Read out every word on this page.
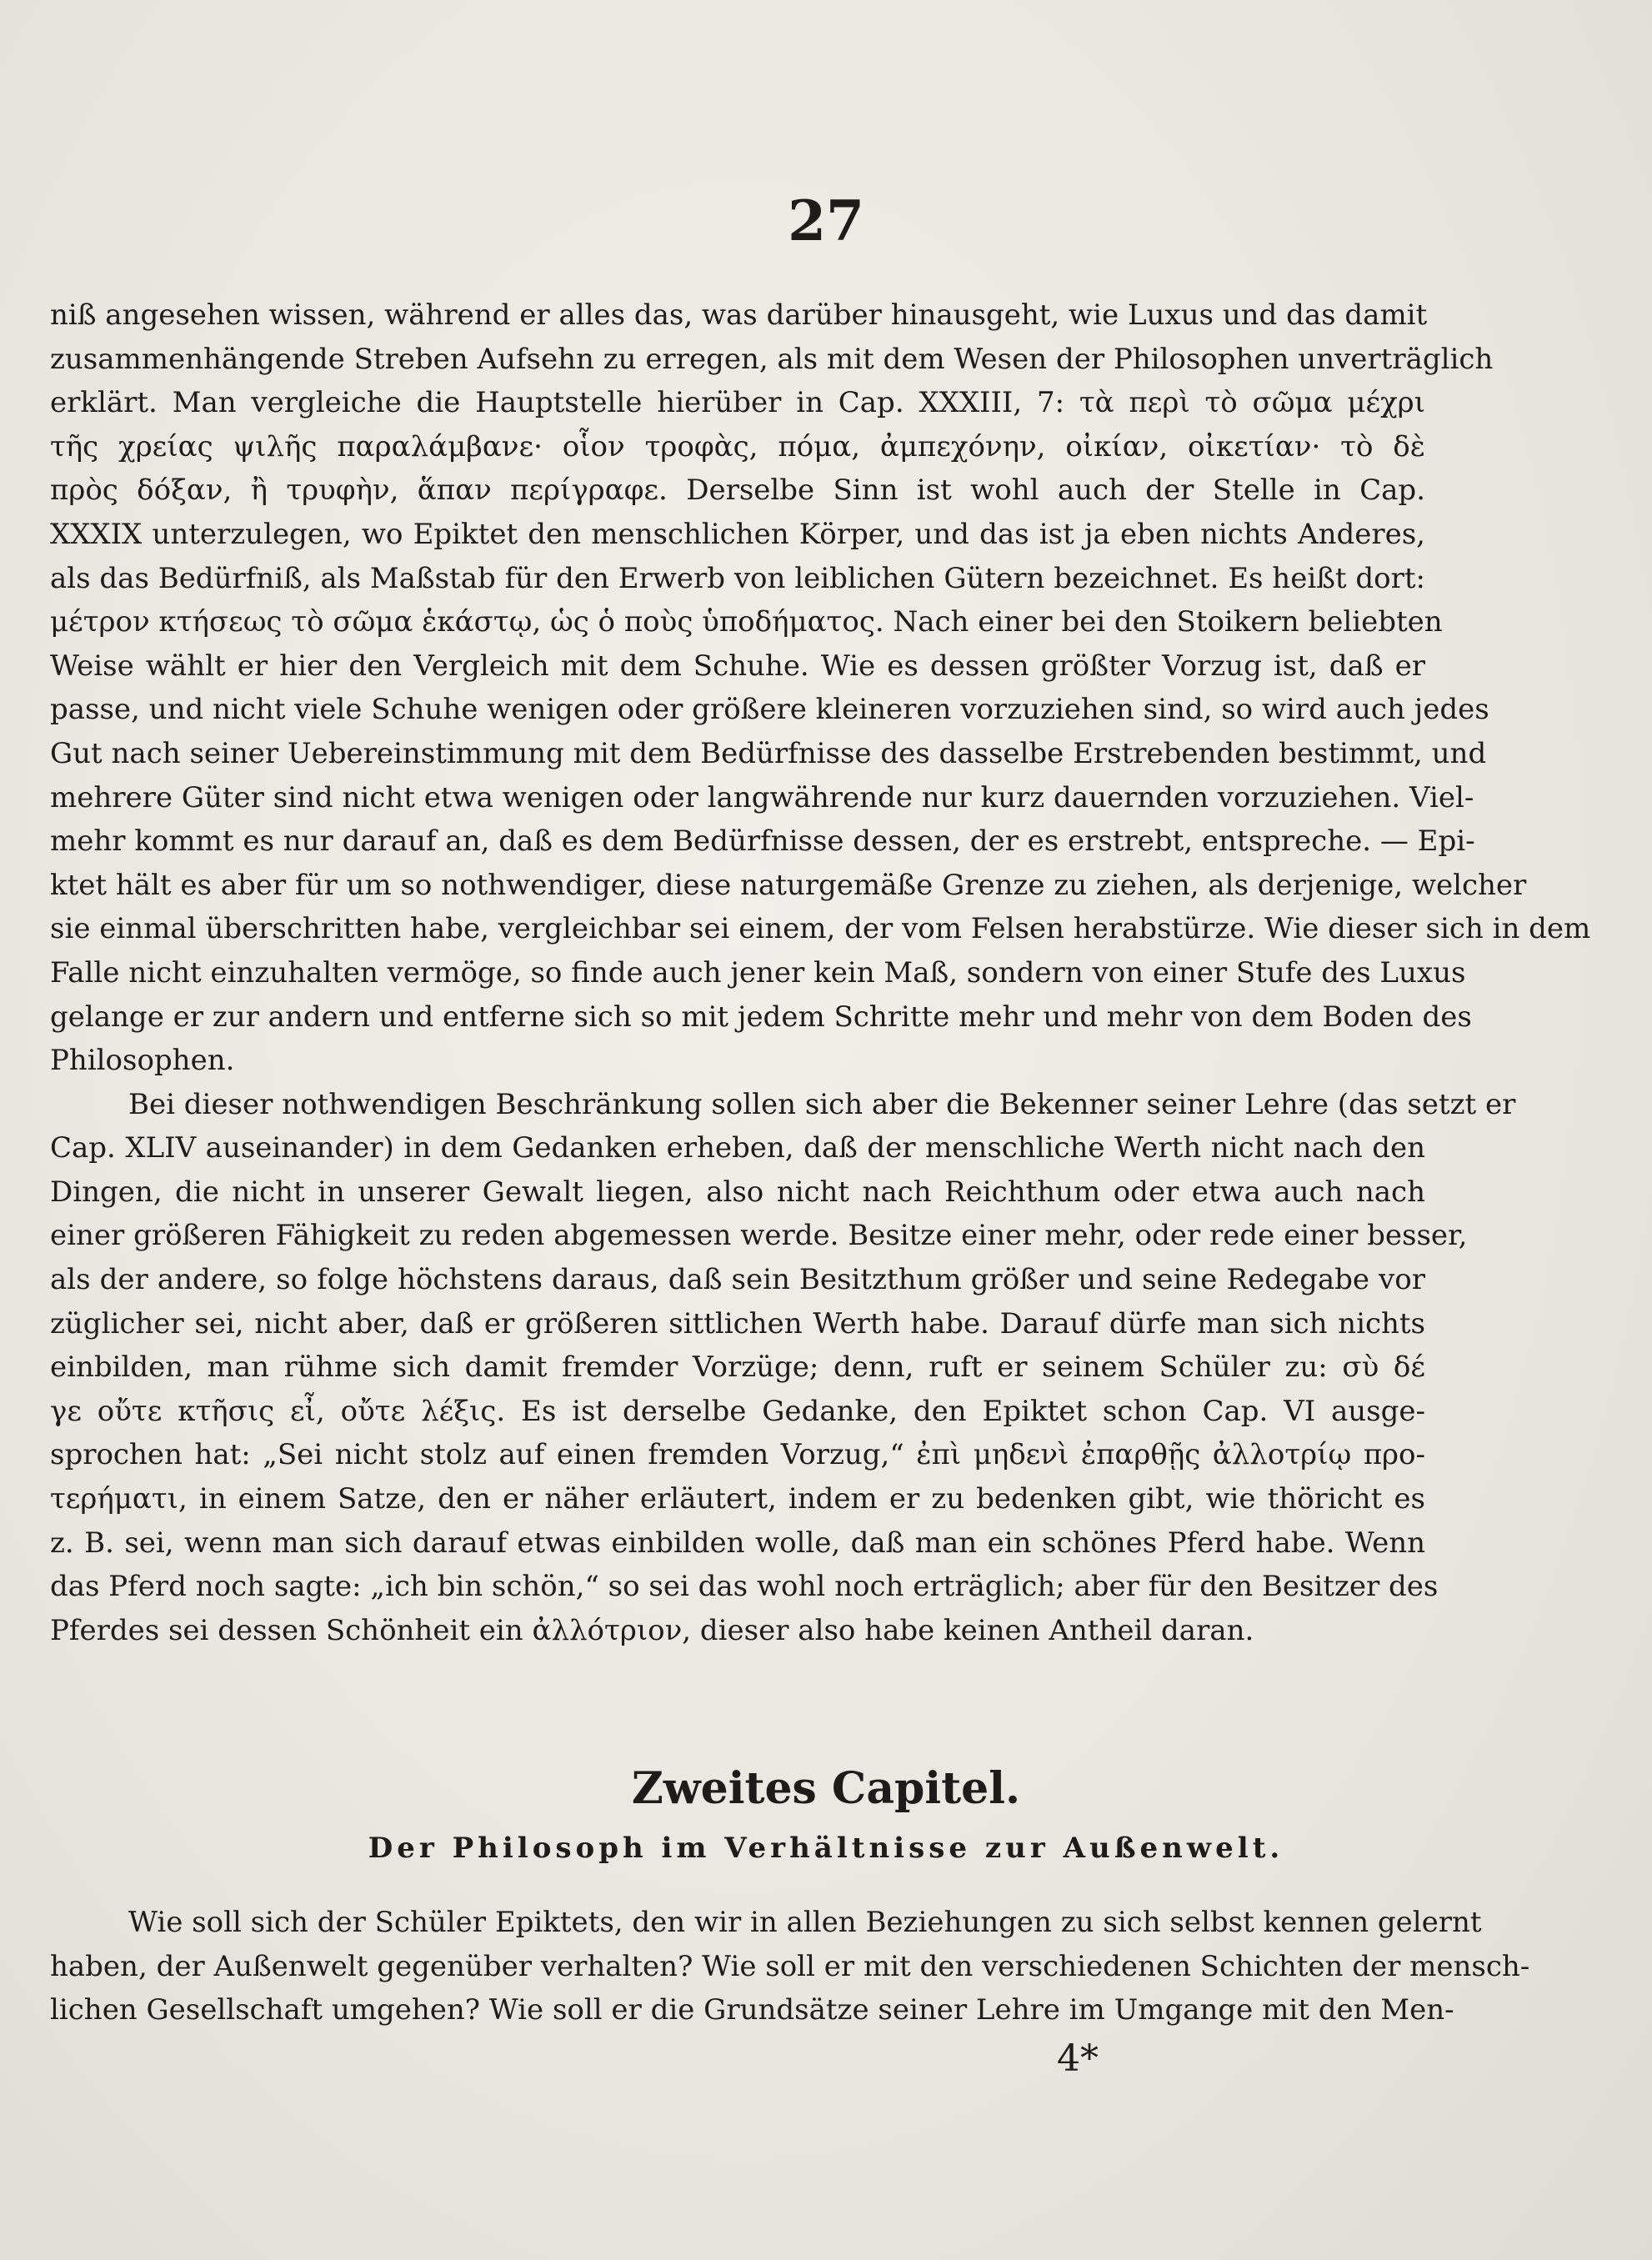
27
niß angesehen wissen, während er alles das, was darüber hinausgeht, wie Luxus und das damit
zusammenhängende Streben Aufsehn zu erregen, als mit dem Wesen der Philosophen unverträglich
erklärt. Man vergleiche die Hauptstelle hierüber in Cap. XXXIII, 7: τὰ περὶ τὸ σῶμα μέχρι
τῆς χρείας ψιλῆς παραλάμβανε· οἷον τροφὰς, πόμα, ἀμπεχόνην, οἰκίαν, οἰκετίαν· τὸ δὲ
πρὸς δόξαν, ἢ τρυφὴν, ἅπαν περίγραφε. Derselbe Sinn ist wohl auch der Stelle in Cap.
XXXIX unterzulegen, wo Epiktet den menschlichen Körper, und das ist ja eben nichts Anderes,
als das Bedürfniß, als Maßstab für den Erwerb von leiblichen Gütern bezeichnet. Es heißt dort:
μέτρον κτήσεως τὸ σῶμα ἑκάστῳ, ὡς ὁ ποὺς ὑποδήματος. Nach einer bei den Stoikern beliebten
Weise wählt er hier den Vergleich mit dem Schuhe. Wie es dessen größter Vorzug ist, daß er
passe, und nicht viele Schuhe wenigen oder größere kleineren vorzuziehen sind, so wird auch jedes
Gut nach seiner Uebereinstimmung mit dem Bedürfnisse des dasselbe Erstrebenden bestimmt, und
mehrere Güter sind nicht etwa wenigen oder langwährende nur kurz dauernden vorzuziehen. Viel-
mehr kommt es nur darauf an, daß es dem Bedürfnisse dessen, der es erstrebt, entspreche. — Epi-
ktet hält es aber für um so nothwendiger, diese naturgemäße Grenze zu ziehen, als derjenige, welcher
sie einmal überschritten habe, vergleichbar sei einem, der vom Felsen herabstürze. Wie dieser sich in dem
Falle nicht einzuhalten vermöge, so finde auch jener kein Maß, sondern von einer Stufe des Luxus
gelange er zur andern und entferne sich so mit jedem Schritte mehr und mehr von dem Boden des
Philosophen.
Bei dieser nothwendigen Beschränkung sollen sich aber die Bekenner seiner Lehre (das setzt er
Cap. XLIV auseinander) in dem Gedanken erheben, daß der menschliche Werth nicht nach den
Dingen, die nicht in unserer Gewalt liegen, also nicht nach Reichthum oder etwa auch nach
einer größeren Fähigkeit zu reden abgemessen werde. Besitze einer mehr, oder rede einer besser,
als der andere, so folge höchstens daraus, daß sein Besitzthum größer und seine Redegabe vor
züglicher sei, nicht aber, daß er größeren sittlichen Werth habe. Darauf dürfe man sich nichts
einbilden, man rühme sich damit fremder Vorzüge; denn, ruft er seinem Schüler zu: σὺ δέ
γε οὔτε κτῆσις εἶ, οὔτε λέξις. Es ist derselbe Gedanke, den Epiktet schon Cap. VI ausge-
sprochen hat: „Sei nicht stolz auf einen fremden Vorzug,“ ἐπὶ μηδενὶ ἐπαρθῇς ἀλλοτρίῳ προ-
τερήματι, in einem Satze, den er näher erläutert, indem er zu bedenken gibt, wie thöricht es
z. B. sei, wenn man sich darauf etwas einbilden wolle, daß man ein schönes Pferd habe. Wenn
das Pferd noch sagte: „ich bin schön,“ so sei das wohl noch erträglich; aber für den Besitzer des
Pferdes sei dessen Schönheit ein ἀλλότριον, dieser also habe keinen Antheil daran.
Zweites Capitel.
Der Philosoph im Verhältnisse zur Außenwelt.
Wie soll sich der Schüler Epiktets, den wir in allen Beziehungen zu sich selbst kennen gelernt
haben, der Außenwelt gegenüber verhalten? Wie soll er mit den verschiedenen Schichten der mensch-
lichen Gesellschaft umgehen? Wie soll er die Grundsätze seiner Lehre im Umgange mit den Men-
4*
